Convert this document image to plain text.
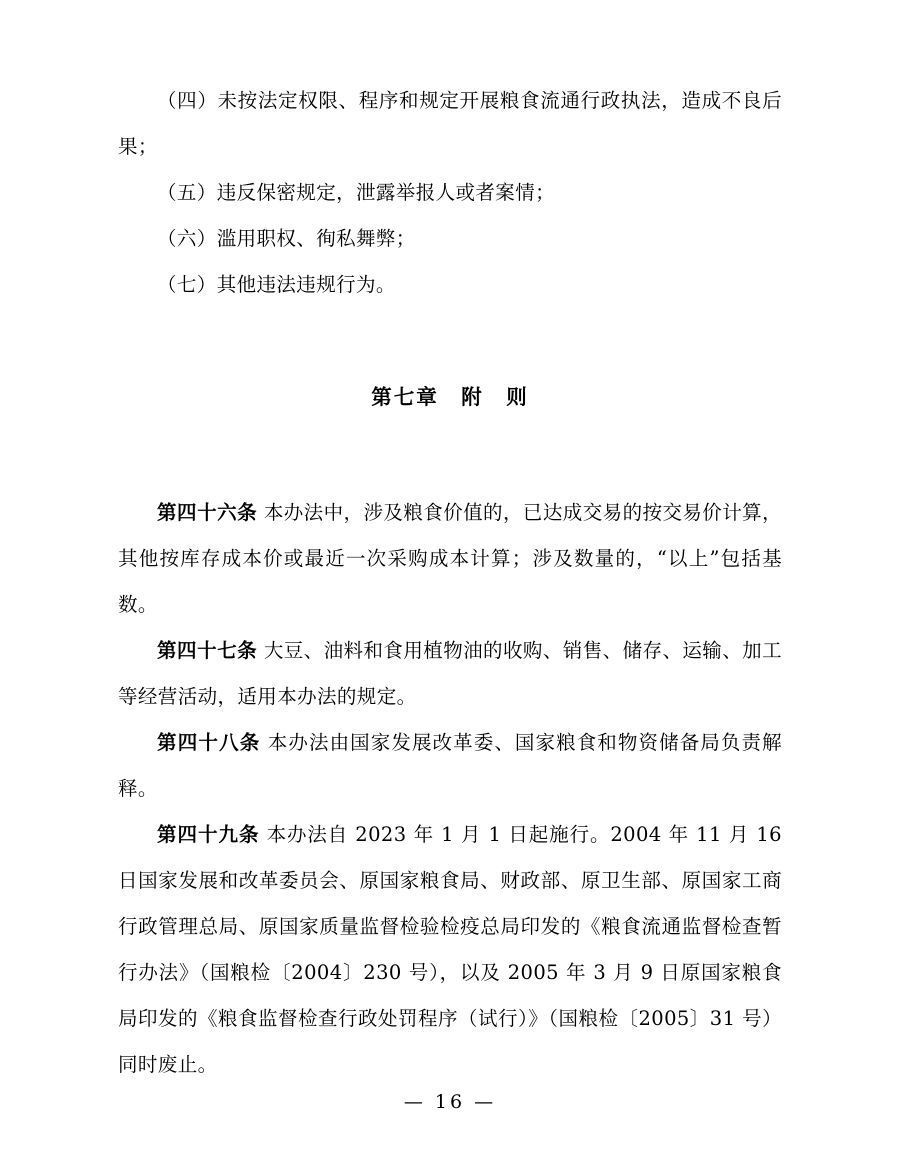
（四）未按法定权限、程序和规定开展粮食流通行政执法，造成不良后果；

（五）违反保密规定，泄露举报人或者案情；

（六）滥用职权、徇私舞弊；

（七）其他违法违规行为。

第七章　附　则

第四十六条 本办法中，涉及粮食价值的，已达成交易的按交易价计算，其他按库存成本价或最近一次采购成本计算；涉及数量的，“以上”包括基数。

第四十七条 大豆、油料和食用植物油的收购、销售、储存、运输、加工等经营活动，适用本办法的规定。

第四十八条 本办法由国家发展改革委、国家粮食和物资储备局负责解释。

第四十九条 本办法自 2023 年 1 月 1 日起施行。2004 年 11 月 16 日国家发展和改革委员会、原国家粮食局、财政部、原卫生部、原国家工商行政管理总局、原国家质量监督检验检疫总局印发的《粮食流通监督检查暂行办法》（国粮检〔2004〕230 号），以及 2005 年 3 月 9 日原国家粮食局印发的《粮食监督检查行政处罚程序（试行）》（国粮检〔2005〕31 号）同时废止。

— 16 —
